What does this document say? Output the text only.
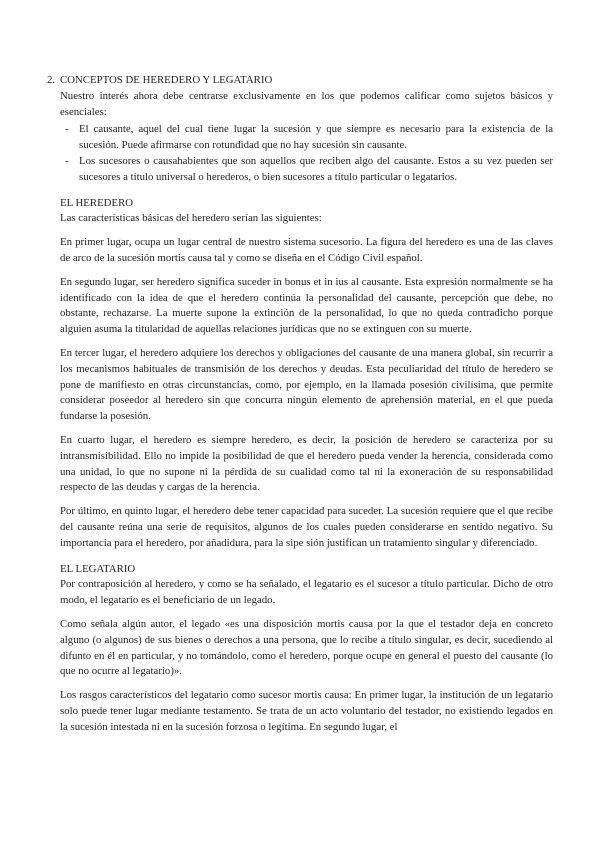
2. CONCEPTOS DE HEREDERO Y LEGATARIO

Nuestro interés ahora debe centrarse exclusivamente en los que podemos calificar como sujetos básicos y esenciales:

- El causante, aquel del cual tiene lugar la sucesión y que siempre es necesario para la existencia de la sucesión. Puede afirmarse con rotundidad que no hay sucesión sin causante.
- Los sucesores o causahabientes que son aquellos que reciben algo del causante. Estos a su vez pueden ser sucesores a título universal o herederos, o bien sucesores a título particular o legatarios.
EL HEREDERO

Las características básicas del heredero serían las siguientes:

En primer lugar, ocupa un lugar central de nuestro sistema sucesorio. La figura del heredero es una de las claves de arco de la sucesión mortis causa tal y como se diseña en el Código Civil español.

En segundo lugar, ser heredero significa suceder in bonus et in ius al causante. Esta expresión normalmente se ha identificado con la idea de que el heredero continúa la personalidad del causante, percepción que debe, no obstante, rechazarse. La muerte supone la extinción de la personalidad, lo que no queda contradicho porque alguien asuma la titularidad de aquellas relaciones jurídicas que no se extinguen con su muerte.

En tercer lugar, el heredero adquiere los derechos y obligaciones del causante de una manera global, sin recurrir a los mecanismos habituales de transmisión de los derechos y deudas. Esta peculiaridad del título de heredero se pone de manifiesto en otras circunstancias, como, por ejemplo, en la llamada posesión civilísima, que permite considerar poseedor al heredero sin que concurra ningún elemento de aprehensión material, en el que pueda fundarse la posesión.

En cuarto lugar, el heredero es siempre heredero, es decir, la posición de heredero se caracteriza por su intransmisibilidad. Ello no impide la posibilidad de que el heredero pueda vender la herencia, considerada como una unidad, lo que no supone ni la pérdida de su cualidad como tal ni la exoneración de su responsabilidad respecto de las deudas y cargas de la herencia.

Por último, en quinto lugar, el heredero debe tener capacidad para suceder. La sucesión requiere que el que recibe del causante reúna una serie de requisitos, algunos de los cuales pueden considerarse en sentido negativo. Su importancia para el heredero, por añadidura, para la sipe sión justifican un tratamiento singular y diferenciado.

EL LEGATARIO

Por contraposición al heredero, y como se ha señalado, el legatario es el sucesor a título particular. Dicho de otro modo, el legatario es el beneficiario de un legado.

Como señala algún autor, el legado «es una disposición mortis causa por la que el testador deja en concreto alguno (o algunos) de sus bienes o derechos a una persona, que lo recibe a título singular, es decir, sucediendo al difunto en él en particular, y no tomándolo, como el heredero, porque ocupe en general el puesto del causante (lo que no ocurre al legatario)».

Los rasgos característicos del legatario como sucesor mortis causa: En primer lugar, la institución de un legatario solo puede tener lugar mediante testamento. Se trata de un acto voluntario del testador, no existiendo legados en la sucesión intestada ni en la sucesión forzosa o legítima. En segundo lugar, el
